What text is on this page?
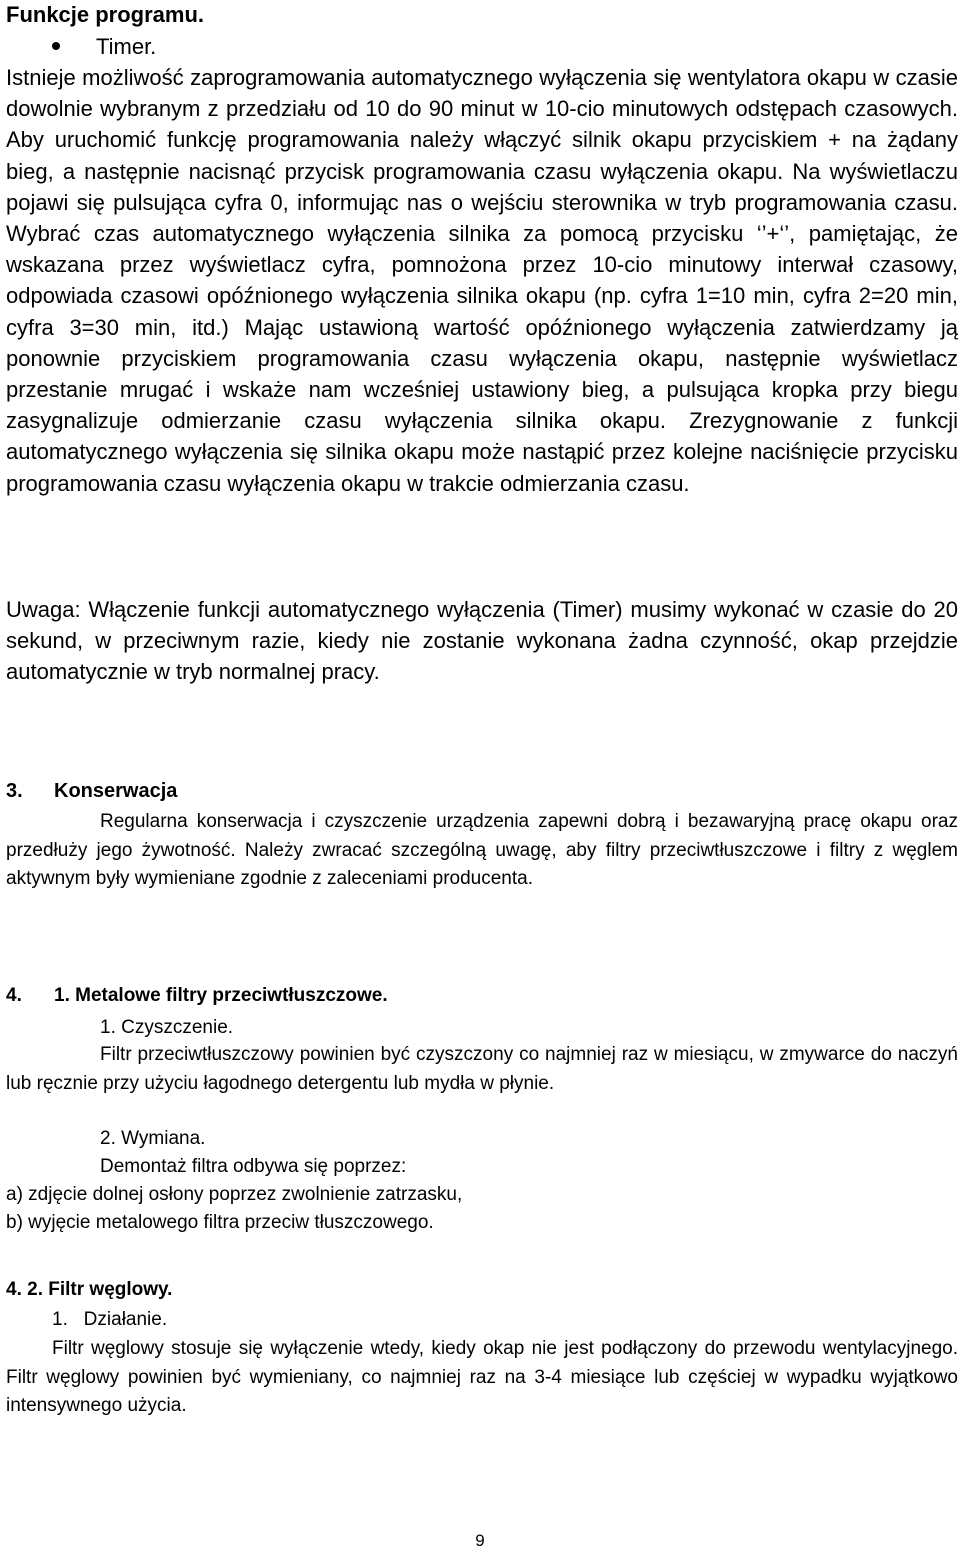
Funkcje programu.
Timer.

Istnieje możliwość zaprogramowania automatycznego wyłączenia się wentylatora okapu w czasie dowolnie wybranym z przedziału od 10 do 90 minut w 10-cio minutowych odstępach czasowych. Aby uruchomić funkcję programowania należy włączyć silnik okapu przyciskiem + na żądany bieg, a następnie nacisnąć przycisk programowania czasu wyłączenia okapu. Na wyświetlaczu pojawi się pulsująca cyfra 0, informując nas o wejściu sterownika w tryb programowania czasu. Wybrać czas automatycznego wyłączenia silnika za pomocą przycisku ‘’+‘’, pamiętając, że wskazana przez wyświetlacz cyfra, pomnożona przez 10-cio minutowy interwał czasowy, odpowiada czasowi opóźnionego wyłączenia silnika okapu (np. cyfra 1=10 min, cyfra 2=20 min, cyfra 3=30 min, itd.) Mając ustawioną wartość opóźnionego wyłączenia zatwierdzamy ją ponownie przyciskiem programowania czasu wyłączenia okapu, następnie wyświetlacz przestanie mrugać i wskaże nam wcześniej ustawiony bieg, a pulsująca kropka przy biegu zasygnalizuje odmierzanie czasu wyłączenia silnika okapu. Zrezygnowanie z funkcji automatycznego wyłączenia się silnika okapu może nastąpić przez kolejne naciśnięcie przycisku programowania czasu wyłączenia okapu w trakcie odmierzania czasu.

Uwaga: Włączenie funkcji automatycznego wyłączenia (Timer) musimy wykonać w czasie do 20 sekund, w przeciwnym razie, kiedy nie zostanie wykonana żadna czynność, okap przejdzie automatycznie w tryb normalnej pracy.

3. Konserwacja

Regularna konserwacja i czyszczenie urządzenia zapewni dobrą i bezawaryjną pracę okapu oraz przedłuży jego żywotność. Należy zwracać szczególną uwagę, aby filtry przeciwtłuszczowe i filtry z węglem aktywnym były wymieniane zgodnie z zaleceniami producenta.

4. 1. Metalowe filtry przeciwtłuszczowe.
1. Czyszczenie.

Filtr przeciwtłuszczowy powinien być czyszczony co najmniej raz w miesiącu, w zmywarce do naczyń lub ręcznie przy użyciu łagodnego detergentu lub mydła w płynie.

2. Wymiana.
Demontaż filtra odbywa się poprzez:
a) zdjęcie dolnej osłony poprzez zwolnienie zatrzasku,
b) wyjęcie metalowego filtra przeciw tłuszczowego.
4. 2. Filtr węglowy.
1.   Działanie.

Filtr węglowy stosuje się wyłączenie wtedy, kiedy okap nie jest podłączony do przewodu wentylacyjnego. Filtr węglowy powinien być wymieniany, co najmniej raz na 3-4 miesiące lub częściej w wypadku wyjątkowo intensywnego użycia.

9
